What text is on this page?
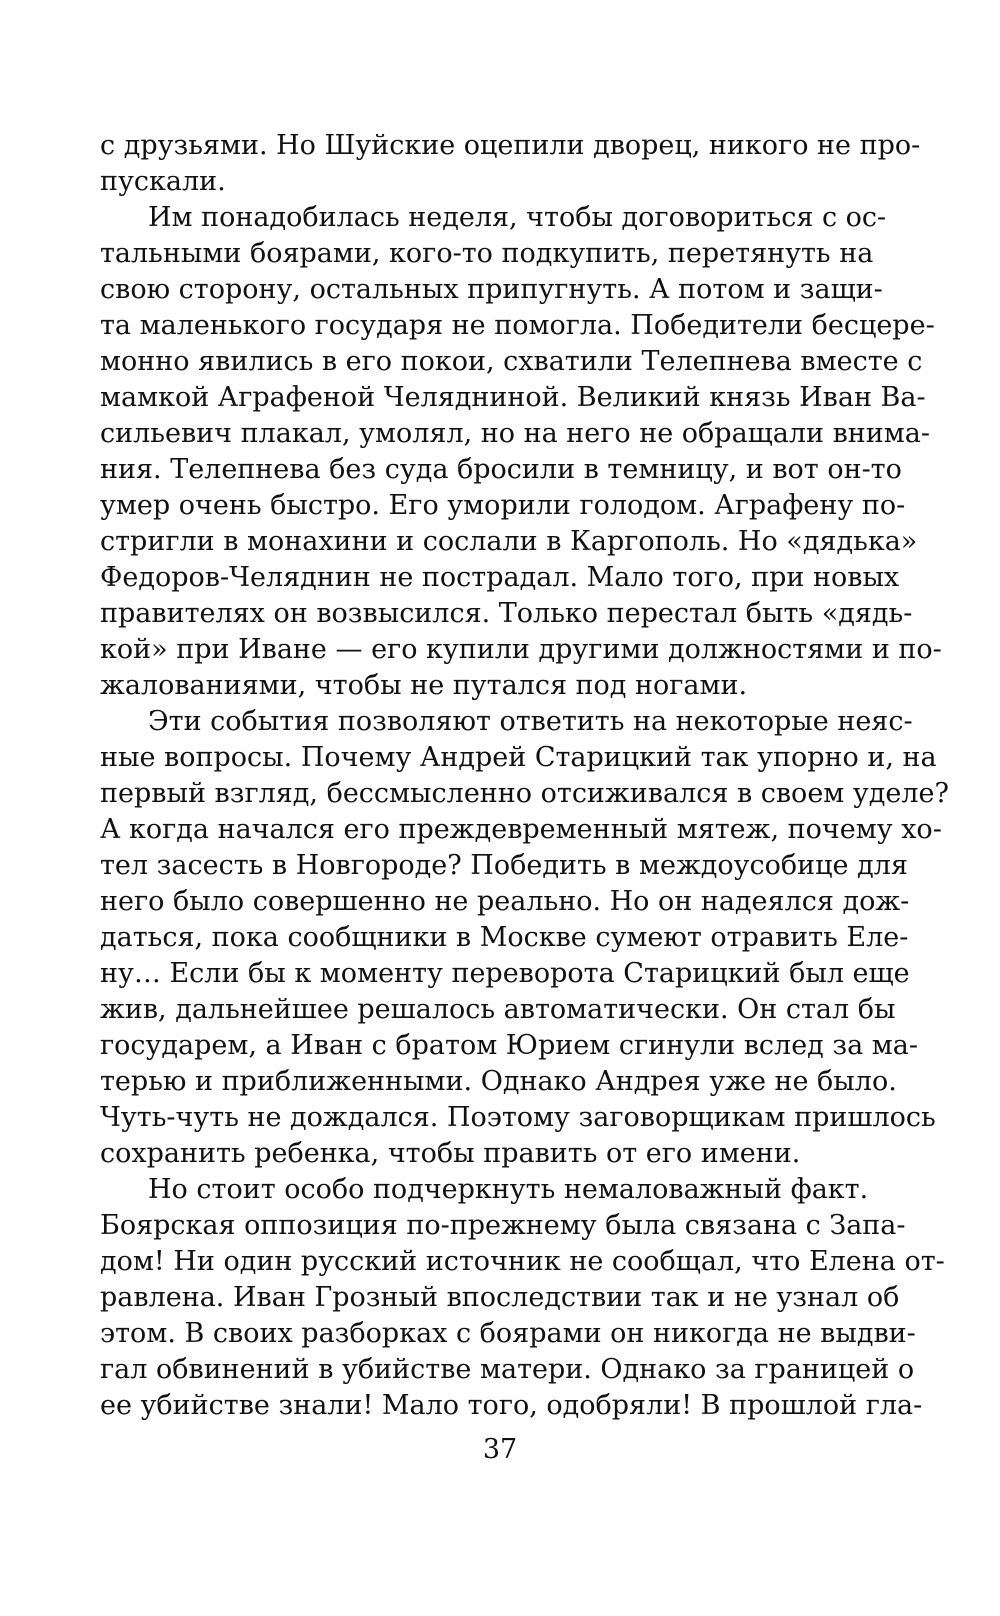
с друзьями. Но Шуйские оцепили дворец, никого не про-
пускали.
Им понадобилась неделя, чтобы договориться с ос-
тальными боярами, кого-то подкупить, перетянуть на
свою сторону, остальных припугнуть. А потом и защи-
та маленького государя не помогла. Победители бесцере-
монно явились в его покои, схватили Телепнева вместе с
мамкой Аграфеной Челядниной. Великий князь Иван Ва-
сильевич плакал, умолял, но на него не обращали внима-
ния. Телепнева без суда бросили в темницу, и вот он-то
умер очень быстро. Его уморили голодом. Аграфену по-
стригли в монахини и сослали в Каргополь. Но «дядька»
Федоров-Челяднин не пострадал. Мало того, при новых
правителях он возвысился. Только перестал быть «дядь-
кой» при Иване — его купили другими должностями и по-
жалованиями, чтобы не путался под ногами.
Эти события позволяют ответить на некоторые неяс-
ные вопросы. Почему Андрей Старицкий так упорно и, на
первый взгляд, бессмысленно отсиживался в своем уделе?
А когда начался его преждевременный мятеж, почему хо-
тел засесть в Новгороде? Победить в междоусобице для
него было совершенно не реально. Но он надеялся дож-
даться, пока сообщники в Москве сумеют отравить Еле-
ну… Если бы к моменту переворота Старицкий был еще
жив, дальнейшее решалось автоматически. Он стал бы
государем, а Иван с братом Юрием сгинули вслед за ма-
терью и приближенными. Однако Андрея уже не было.
Чуть-чуть не дождался. Поэтому заговорщикам пришлось
сохранить ребенка, чтобы править от его имени.
Но стоит особо подчеркнуть немаловажный факт.
Боярская оппозиция по-прежнему была связана с Запа-
дом! Ни один русский источник не сообщал, что Елена от-
равлена. Иван Грозный впоследствии так и не узнал об
этом. В своих разборках с боярами он никогда не выдви-
гал обвинений в убийстве матери. Однако за границей о
ее убийстве знали! Мало того, одобряли! В прошлой гла-
37
